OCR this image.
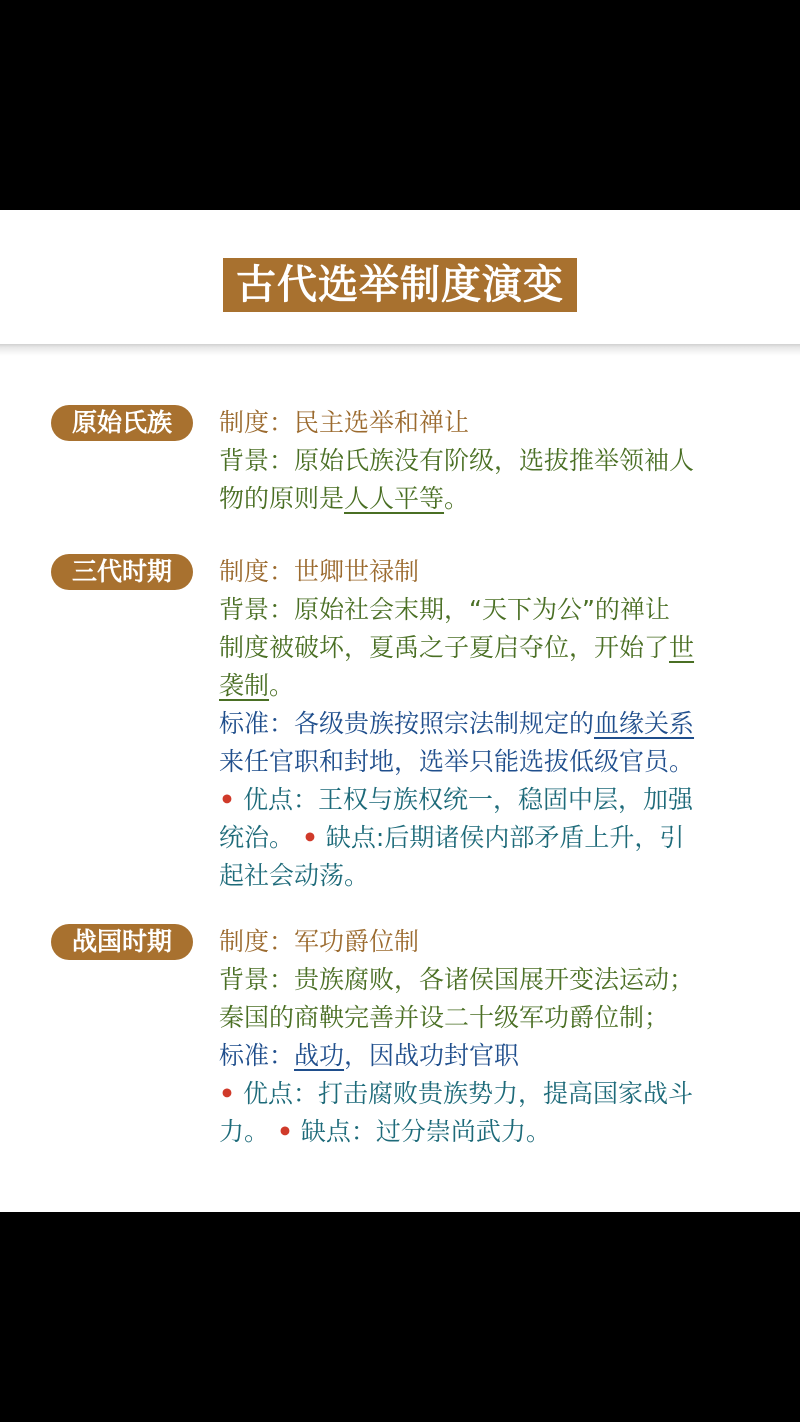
古代选举制度演变
原始氏族	制度：民主选举和禅让

背景：原始氏族没有阶级，选拔推举领袖人

物的原则是人人平等。

三代时期	制度：世卿世禄制

背景：原始社会末期，“天下为公”的禅让

制度被破坏，夏禹之子夏启夺位，开始了世

袭制。

标准：各级贵族按照宗法制规定的血缘关系

来任官职和封地，选举只能选拔低级官员。

• 优点：王权与族权统一，稳固中层，加强

统治。 • 缺点:后期诸侯内部矛盾上升，引

起社会动荡。

战国时期	制度：军功爵位制

背景：贵族腐败，各诸侯国展开变法运动；

秦国的商鞅完善并设二十级军功爵位制；

标准：战功，因战功封官职

• 优点：打击腐败贵族势力，提高国家战斗

力。 • 缺点：过分崇尚武力。
